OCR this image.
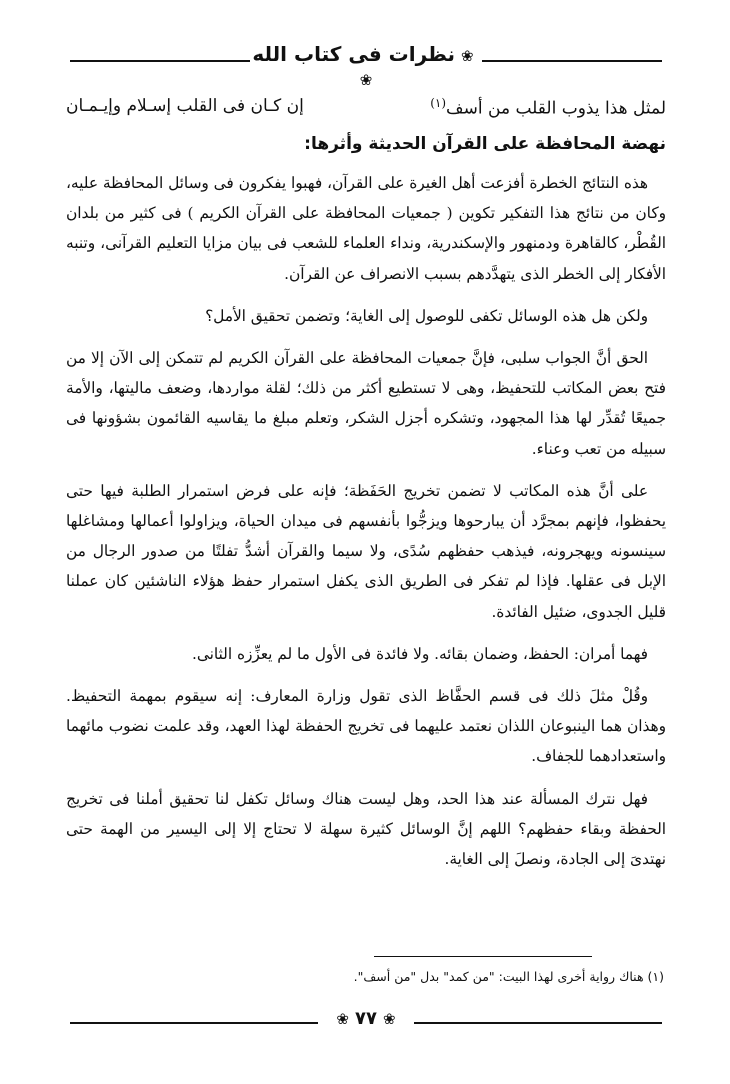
❀نظرات فى كتاب الله❀
لمثل هذا يذوب القلب من أسف$^{(١)}$
إن كـان فى القلب إسـلام وإيـمـان
نهضة المحافظة على القرآن الحديثة وأثرها:

هذه النتائج الخطرة أفزعت أهل الغيرة على القرآن، فهبوا يفكرون فى وسائل المحافظة عليه، وكان من نتائج هذا التفكير تكوين ( جمعيات المحافظة على القرآن الكريم ) فى كثير من بلدان القُطْر، كالقاهرة ودمنهور والإسكندرية، ونداء العلماء للشعب فى بيان مزايا التعليم القرآنى، وتنبه الأفكار إلى الخطر الذى يتهدَّدهم بسبب الانصراف عن القرآن.

ولكن هل هذه الوسائل تكفى للوصول إلى الغاية؛ وتضمن تحقيق الأمل؟

الحق أنَّ الجواب سلبى، فإنَّ جمعيات المحافظة على القرآن الكريم لم تتمكن إلى الآن إلا من فتح بعض المكاتب للتحفيظ، وهى لا تستطيع أكثر من ذلك؛ لقلة مواردها، وضعف ماليتها، والأمة جميعًا تُقدِّر لها هذا المجهود، وتشكره أجزل الشكر، وتعلم مبلغ ما يقاسيه القائمون بشؤونها فى سبيله من تعب وعناء.

على أنَّ هذه المكاتب لا تضمن تخريج الحَفَظة؛ فإنه على فرض استمرار الطلبة فيها حتى يحفظوا، فإنهم بمجرَّد أن يبارحوها ويزجُّوا بأنفسهم فى ميدان الحياة، ويزاولوا أعمالها ومشاغلها سينسونه ويهجرونه، فيذهب حفظهم سُدًى، ولا سيما والقرآن أشدُّ تفلتًا من صدور الرجال من الإبل فى عقلها. فإذا لم تفكر فى الطريق الذى يكفل استمرار حفظ هؤلاء الناشئين كان عملنا قليل الجدوى، ضئيل الفائدة.

فهما أمران: الحفظ، وضمان بقائه. ولا فائدة فى الأول ما لم يعزِّزه الثانى.

وقُلْ مثلَ ذلك فى قسم الحفَّاظ الذى تقول وزارة المعارف: إنه سيقوم بمهمة التحفيظ. وهذان هما الينبوعان اللذان نعتمد عليهما فى تخريج الحفظة لهذا العهد، وقد علمت نضوب مائهما واستعدادهما للجفاف.

فهل نترك المسألة عند هذا الحد، وهل ليست هناك وسائل تكفل لنا تحقيق أملنا فى تخريج الحفظة وبقاء حفظهم؟ اللهم إنَّ الوسائل كثيرة سهلة لا تحتاج إلا إلى اليسير من الهمة حتى نهتدىَ إلى الجادة، ونصلَ إلى الغاية.

(١) هناك رواية أخرى لهذا البيت: "من كمد" بدل "من أسف".
❀ ٧٧ ❀
